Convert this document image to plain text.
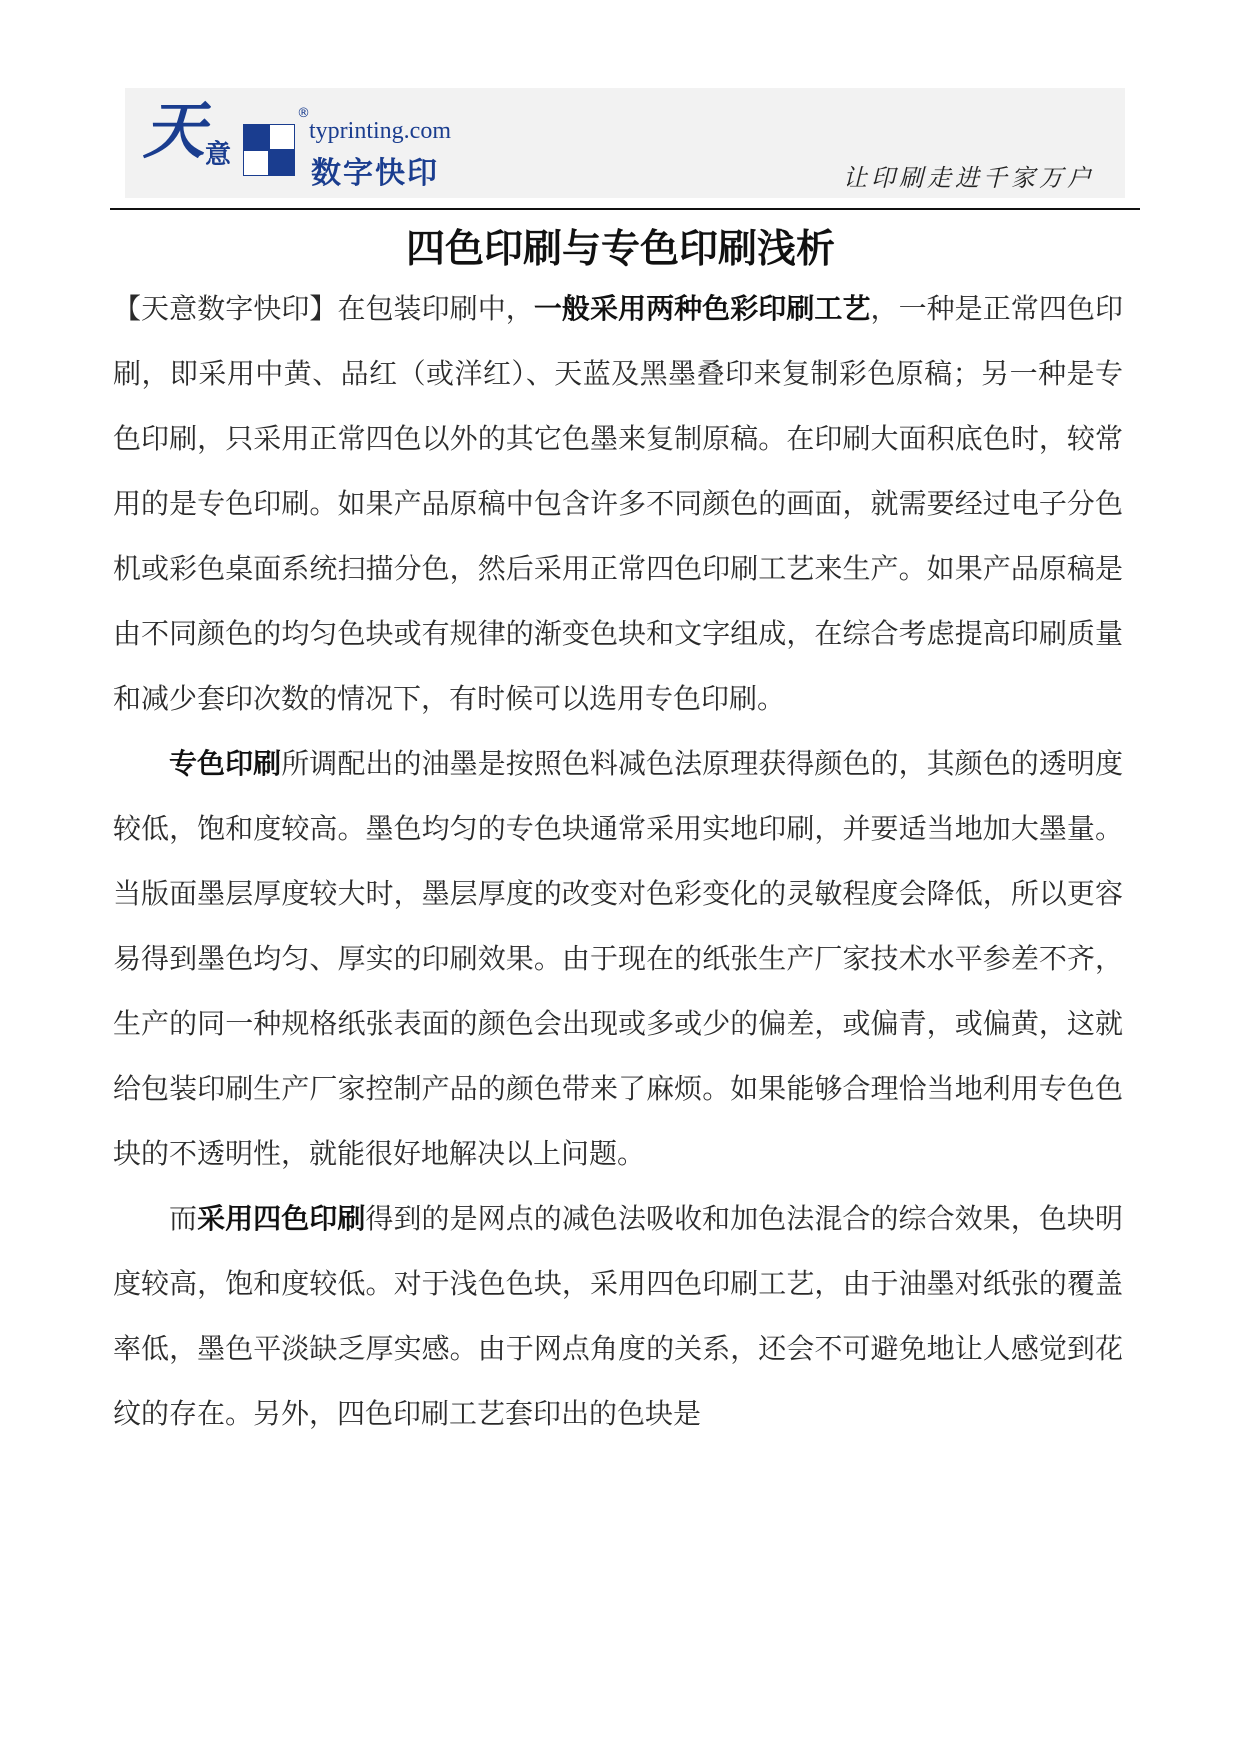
天 意
®
typrinting.com
数字快印	让印刷走进千家万户
四色印刷与专色印刷浅析

【天意数字快印】在包装印刷中，一般采用两种色彩印刷工艺，一种是正常四色印刷，即采用中黄、品红（或洋红）、天蓝及黑墨叠印来复制彩色原稿；另一种是专色印刷，只采用正常四色以外的其它色墨来复制原稿。在印刷大面积底色时，较常用的是专色印刷。如果产品原稿中包含许多不同颜色的画面，就需要经过电子分色机或彩色桌面系统扫描分色，然后采用正常四色印刷工艺来生产。如果产品原稿是由不同颜色的均匀色块或有规律的渐变色块和文字组成，在综合考虑提高印刷质量和减少套印次数的情况下，有时候可以选用专色印刷。

专色印刷所调配出的油墨是按照色料减色法原理获得颜色的，其颜色的透明度较低，饱和度较高。墨色均匀的专色块通常采用实地印刷，并要适当地加大墨量。当版面墨层厚度较大时，墨层厚度的改变对色彩变化的灵敏程度会降低，所以更容易得到墨色均匀、厚实的印刷效果。由于现在的纸张生产厂家技术水平参差不齐，生产的同一种规格纸张表面的颜色会出现或多或少的偏差，或偏青，或偏黄，这就给包装印刷生产厂家控制产品的颜色带来了麻烦。如果能够合理恰当地利用专色色块的不透明性，就能很好地解决以上问题。

而采用四色印刷得到的是网点的减色法吸收和加色法混合的综合效果，色块明度较高，饱和度较低。对于浅色色块，采用四色印刷工艺，由于油墨对纸张的覆盖率低，墨色平淡缺乏厚实感。由于网点角度的关系，还会不可避免地让人感觉到花纹的存在。另外，四色印刷工艺套印出的色块是
